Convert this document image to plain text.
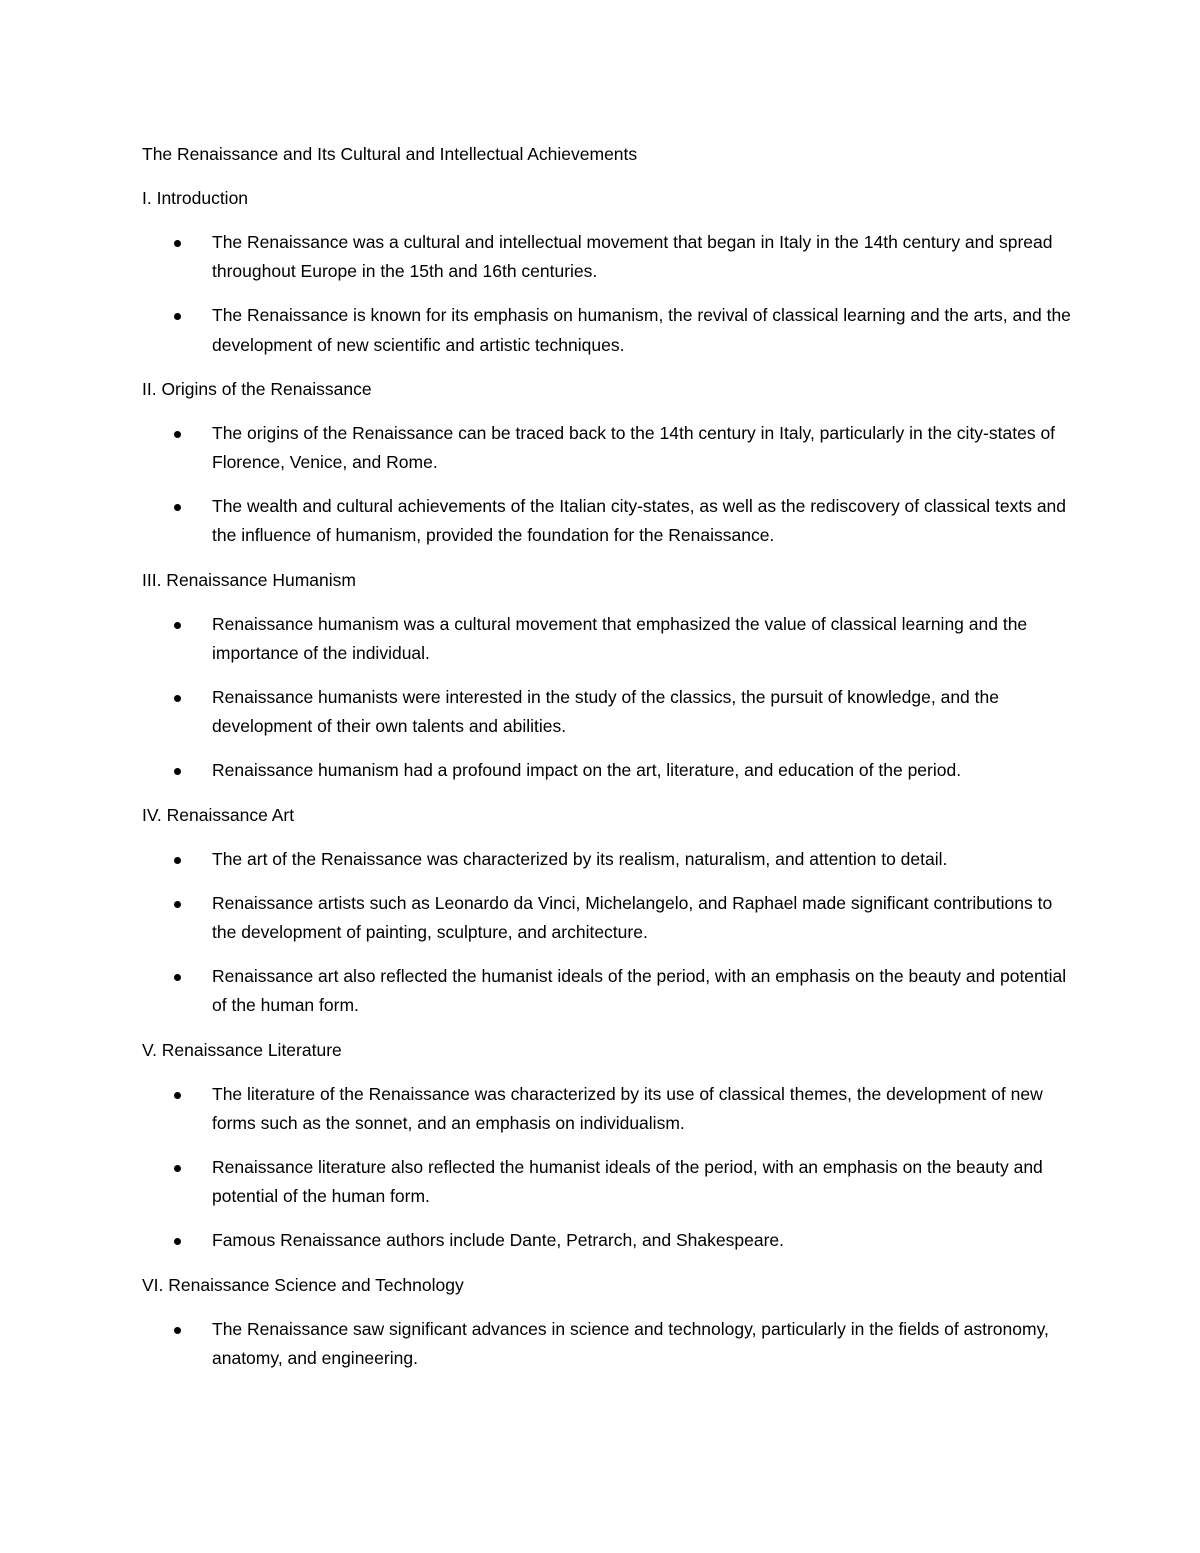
The Renaissance and Its Cultural and Intellectual Achievements
I. Introduction
The Renaissance was a cultural and intellectual movement that began in Italy in the 14th century and spread throughout Europe in the 15th and 16th centuries.
The Renaissance is known for its emphasis on humanism, the revival of classical learning and the arts, and the development of new scientific and artistic techniques.
II. Origins of the Renaissance
The origins of the Renaissance can be traced back to the 14th century in Italy, particularly in the city-states of Florence, Venice, and Rome.
The wealth and cultural achievements of the Italian city-states, as well as the rediscovery of classical texts and the influence of humanism, provided the foundation for the Renaissance.
III. Renaissance Humanism
Renaissance humanism was a cultural movement that emphasized the value of classical learning and the importance of the individual.
Renaissance humanists were interested in the study of the classics, the pursuit of knowledge, and the development of their own talents and abilities.
Renaissance humanism had a profound impact on the art, literature, and education of the period.
IV. Renaissance Art
The art of the Renaissance was characterized by its realism, naturalism, and attention to detail.
Renaissance artists such as Leonardo da Vinci, Michelangelo, and Raphael made significant contributions to the development of painting, sculpture, and architecture.
Renaissance art also reflected the humanist ideals of the period, with an emphasis on the beauty and potential of the human form.
V. Renaissance Literature
The literature of the Renaissance was characterized by its use of classical themes, the development of new forms such as the sonnet, and an emphasis on individualism.
Renaissance literature also reflected the humanist ideals of the period, with an emphasis on the beauty and potential of the human form.
Famous Renaissance authors include Dante, Petrarch, and Shakespeare.
VI. Renaissance Science and Technology
The Renaissance saw significant advances in science and technology, particularly in the fields of astronomy, anatomy, and engineering.
